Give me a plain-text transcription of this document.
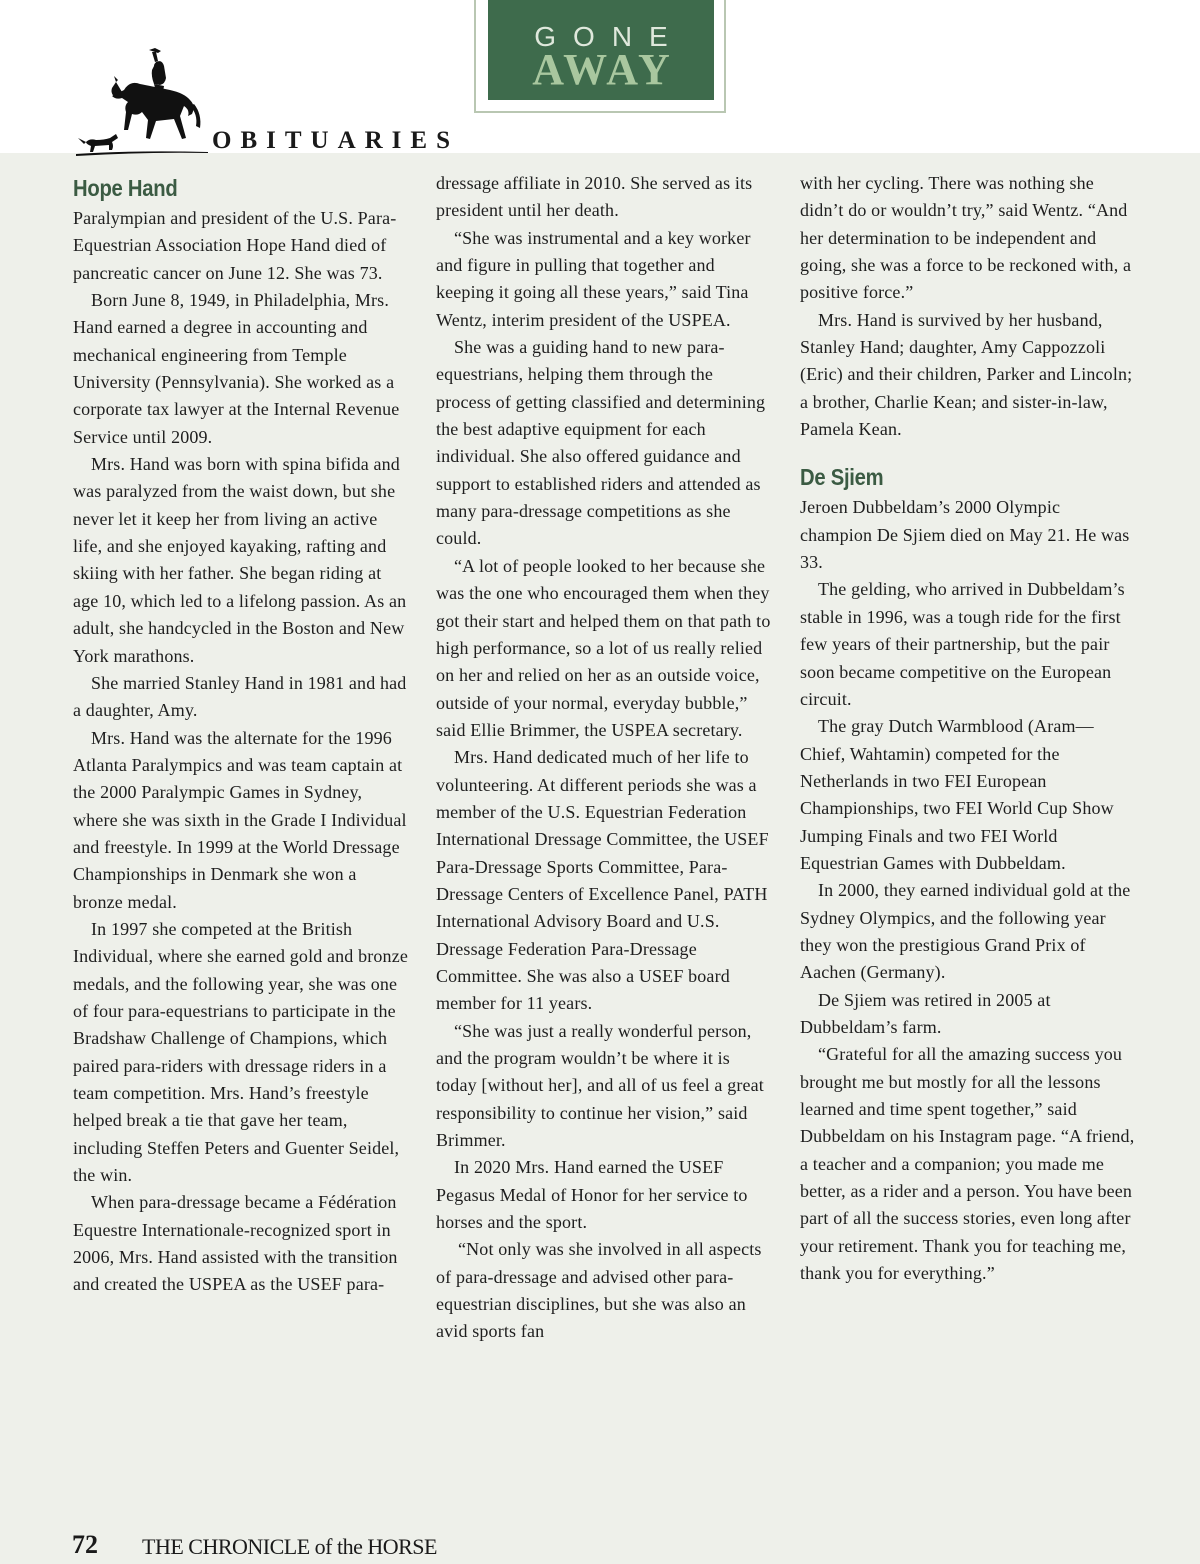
GONE
AWAY
OBITUARIES
Hope Hand

Paralympian and president of the U.S. Para-Equestrian Association Hope Hand died of pancreatic cancer on June 12. She was 73.

Born June 8, 1949, in Philadelphia, Mrs. Hand earned a degree in accounting and mechanical engineering from Temple University (Pennsylvania). She worked as a corporate tax lawyer at the Internal Revenue Service until 2009.

Mrs. Hand was born with spina bifida and was paralyzed from the waist down, but she never let it keep her from living an active life, and she enjoyed kayaking, rafting and skiing with her father. She began riding at age 10, which led to a lifelong passion. As an adult, she handcycled in the Boston and New York marathons.

She married Stanley Hand in 1981 and had a daughter, Amy.

Mrs. Hand was the alternate for the 1996 Atlanta Paralympics and was team captain at the 2000 Paralympic Games in Sydney, where she was sixth in the Grade I Individual and freestyle. In 1999 at the World Dressage Championships in Denmark she won a bronze medal.

In 1997 she competed at the British Individual, where she earned gold and bronze medals, and the following year, she was one of four para-equestrians to participate in the Bradshaw Challenge of Champions, which paired para-riders with dressage riders in a team competition. Mrs. Hand’s freestyle helped break a tie that gave her team, including Steffen Peters and Guenter Seidel, the win.

When para-dressage became a Fédération Equestre Internationale-recognized sport in 2006, Mrs. Hand assisted with the transition and created the USPEA as the USEF para-

dressage affiliate in 2010. She served as its president until her death.

“She was instrumental and a key worker and figure in pulling that together and keeping it going all these years,” said Tina Wentz, interim president of the USPEA.

She was a guiding hand to new para-equestrians, helping them through the process of getting classified and determining the best adaptive equipment for each individual. She also offered guidance and support to established riders and attended as many para-dressage competitions as she could.

“A lot of people looked to her because she was the one who encouraged them when they got their start and helped them on that path to high performance, so a lot of us really relied on her and relied on her as an outside voice, outside of your normal, everyday bubble,” said Ellie Brimmer, the USPEA secretary.

Mrs. Hand dedicated much of her life to volunteering. At different periods she was a member of the U.S. Equestrian Federation International Dressage Committee, the USEF Para-Dressage Sports Committee, Para-Dressage Centers of Excellence Panel, PATH International Advisory Board and U.S. Dressage Federation Para-Dressage Committee. She was also a USEF board member for 11 years.

“She was just a really wonderful person, and the program wouldn’t be where it is today [without her], and all of us feel a great responsibility to continue her vision,” said Brimmer.

In 2020 Mrs. Hand earned the USEF Pegasus Medal of Honor for her service to horses and the sport.

“Not only was she involved in all aspects of para-dressage and advised other para-equestrian disciplines, but she was also an avid sports fan

with her cycling. There was nothing she didn’t do or wouldn’t try,” said Wentz. “And her determination to be independent and going, she was a force to be reckoned with, a positive force.”

Mrs. Hand is survived by her husband, Stanley Hand; daughter, Amy Cappozzoli (Eric) and their children, Parker and Lincoln; a brother, Charlie Kean; and sister-in-law, Pamela Kean.

De Sjiem

Jeroen Dubbeldam’s 2000 Olympic champion De Sjiem died on May 21. He was 33.

The gelding, who arrived in Dubbeldam’s stable in 1996, was a tough ride for the first few years of their partnership, but the pair soon became competitive on the European circuit.

The gray Dutch Warmblood (Aram—Chief, Wahtamin) competed for the Netherlands in two FEI European Championships, two FEI World Cup Show Jumping Finals and two FEI World Equestrian Games with Dubbeldam.

In 2000, they earned individual gold at the Sydney Olympics, and the following year they won the prestigious Grand Prix of Aachen (Germany).

De Sjiem was retired in 2005 at Dubbeldam’s farm.

“Grateful for all the amazing success you brought me but mostly for all the lessons learned and time spent together,” said Dubbeldam on his Instagram page. “A friend, a teacher and a companion; you made me better, as a rider and a person. You have been part of all the success stories, even long after your retirement. Thank you for teaching me, thank you for everything.”

72 THE CHRONICLE of the HORSE
